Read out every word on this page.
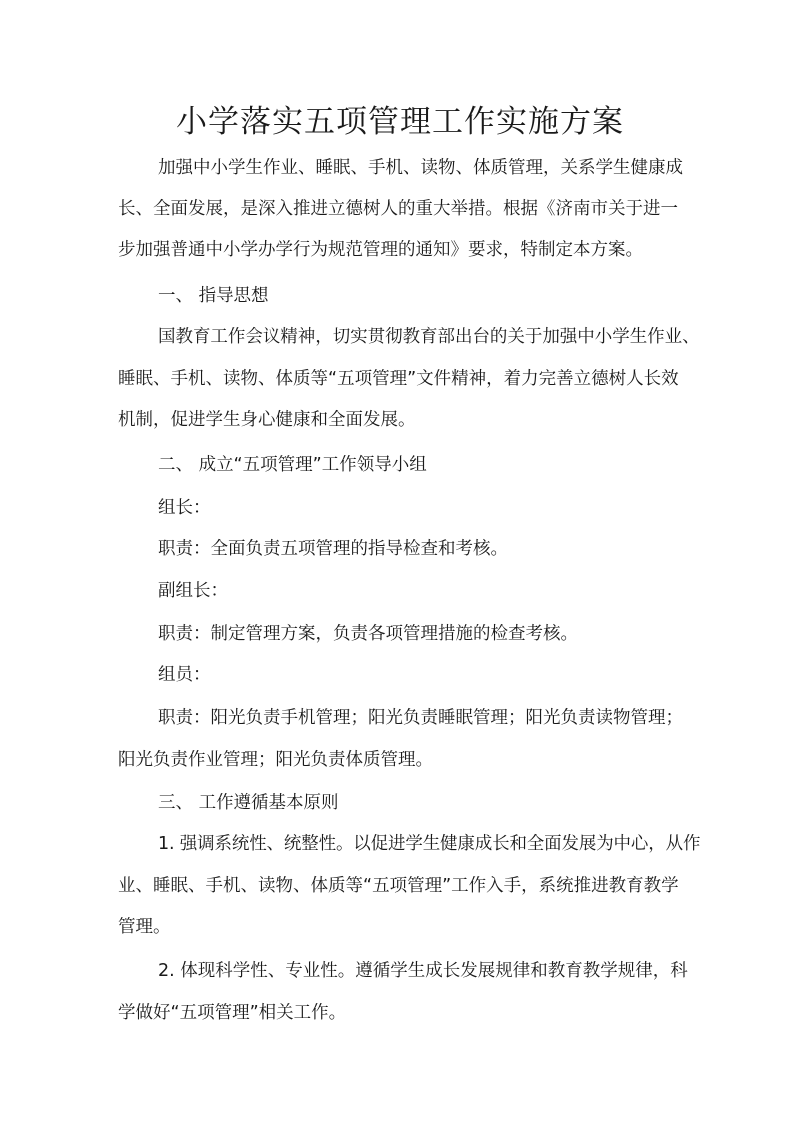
小学落实五项管理工作实施方案
加强中小学生作业、睡眠、手机、读物、体质管理，关系学生健康成
长、全面发展，是深入推进立德树人的重大举措。根据《济南市关于进一
步加强普通中小学办学行为规范管理的通知》要求，特制定本方案。
一、 指导思想
国教育工作会议精神，切实贯彻教育部出台的关于加强中小学生作业、
睡眠、手机、读物、体质等“五项管理”文件精神，着力完善立德树人长效
机制，促进学生身心健康和全面发展。
二、 成立“五项管理”工作领导小组
组长：
职责：全面负责五项管理的指导检查和考核。
副组长：
职责：制定管理方案，负责各项管理措施的检查考核。
组员：
职责：阳光负责手机管理；阳光负责睡眠管理；阳光负责读物管理；
阳光负责作业管理；阳光负责体质管理。
三、 工作遵循基本原则
1. 强调系统性、统整性。以促进学生健康成长和全面发展为中心，从作
业、睡眠、手机、读物、体质等“五项管理”工作入手，系统推进教育教学
管理。
2. 体现科学性、专业性。遵循学生成长发展规律和教育教学规律，科
学做好“五项管理”相关工作。
